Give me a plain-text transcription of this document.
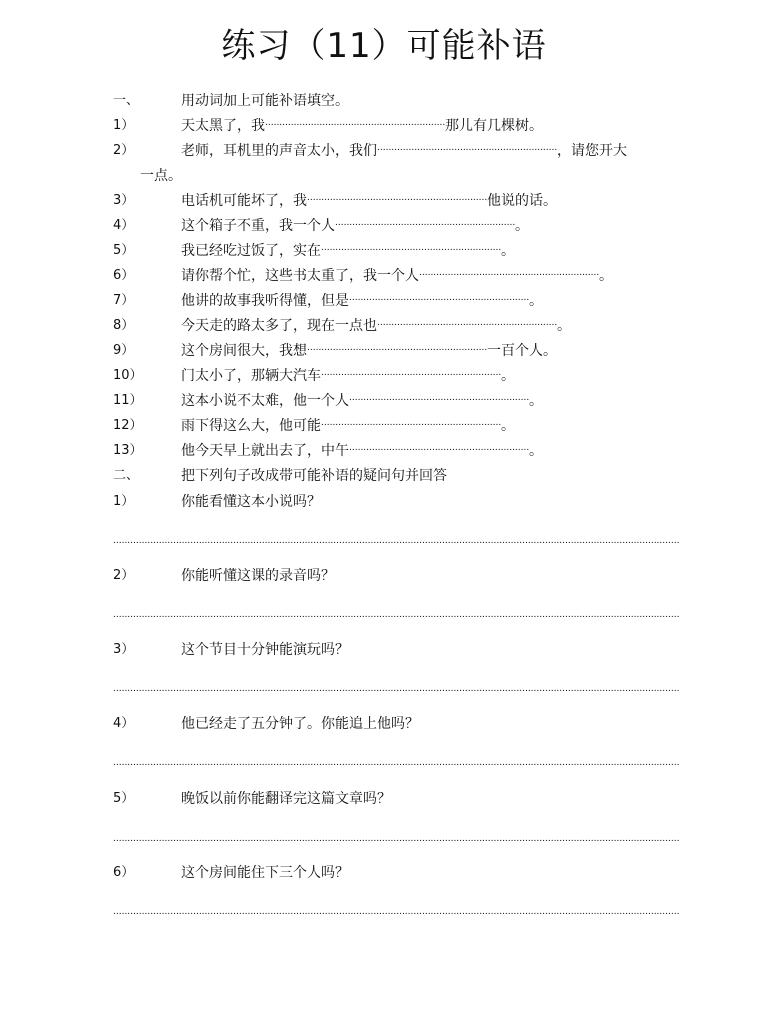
练习（11）可能补语
一、	用动词加上可能补语填空。
1）	天太黑了，我 .....	那儿有几棵树。
2）	老师，耳机里的声音太小，我们 .....	，请您开大
一点。
3）	电话机可能坏了，我 .....	他说的话。
4）	这个箱子不重，我一个人 .....	。
5）	我已经吃过饭了，实在 .....	。
6）	请你帮个忙，这些书太重了，我一个人 .....	。
7）	他讲的故事我听得懂，但是 .....	。
8）	今天走的路太多了，现在一点也 .....	。
9）	这个房间很大，我想 .....	一百个人。
10）	门太小了，那辆大汽车 .....	。
11）	这本小说不太难，他一个人 .....	。
12）	雨下得这么大，他可能 .....	。
13）	他今天早上就出去了，中午 .....	。
二、	把下列句子改成带可能补语的疑问句并回答
1）	你能看懂这本小说吗？
.....
2）	你能听懂这课的录音吗？
.....
3）	这个节目十分钟能演玩吗？
.....
4）	他已经走了五分钟了。你能追上他吗？
.....
5）	晚饭以前你能翻译完这篇文章吗？
.....
6）	这个房间能住下三个人吗？
.....
